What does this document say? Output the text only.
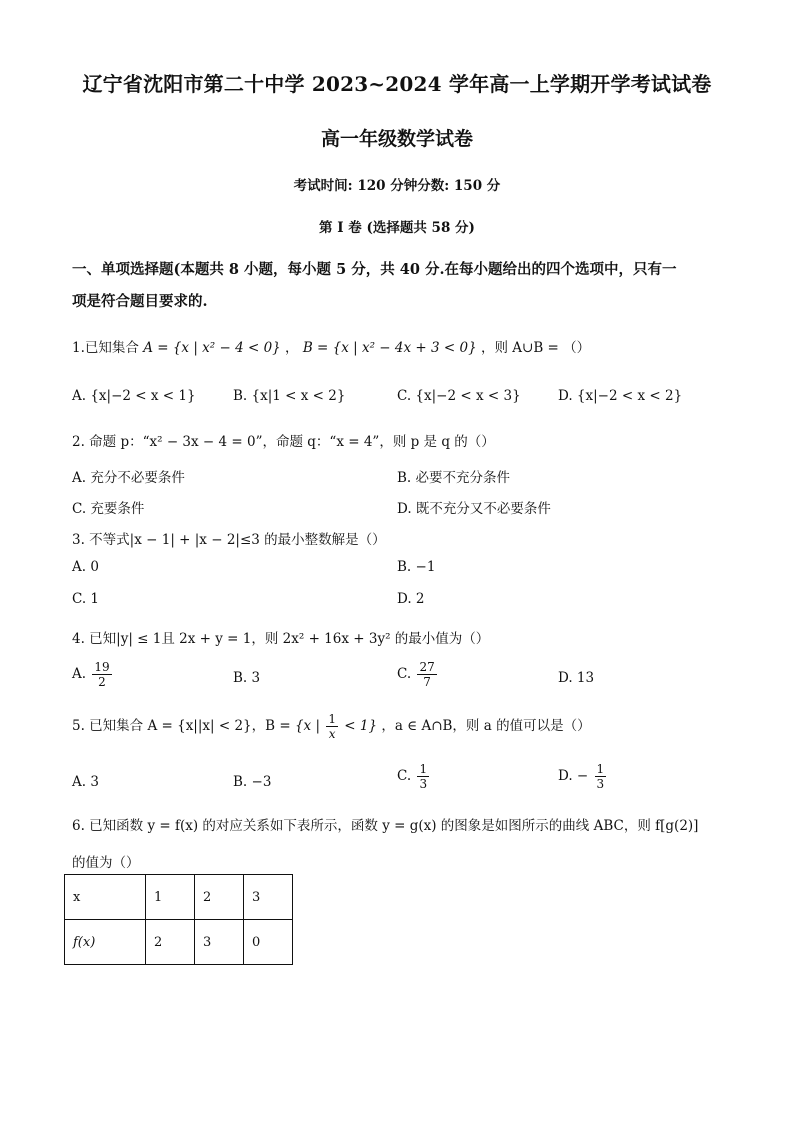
辽宁省沈阳市第二十中学 2023~2024 学年高一上学期开学考试试卷
高一年级数学试卷
考试时间: 120 分钟分数: 150 分
第 I 卷 (选择题共 58 分)
一、单项选择题(本题共 8 小题，每小题 5 分，共 40 分.在每小题给出的四个选项中，只有一
项是符合题目要求的.
1.已知集合 A = {x | x² − 4 < 0} ， B = {x | x² − 4x + 3 < 0} ，则 A∪B = （）
A. {x|−2 < x < 1}	B. {x|1 < x < 2}	C. {x|−2 < x < 3}	D. {x|−2 < x < 2}
2. 命题 p：“x² − 3x − 4 = 0”，命题 q：“x = 4”，则 p 是 q 的（）
A. 充分不必要条件	B. 必要不充分条件
C. 充要条件	D. 既不充分又不必要条件
3. 不等式|x − 1| + |x − 2|≤3 的最小整数解是（）
A. 0	B. −1
C. 1	D. 2
4. 已知|y| ≤ 1且 2x + y = 1，则 2x² + 16x + 3y² 的最小值为（）
A. $\frac{19}{2}$	B. 3	C. $\frac{27}{7}$	D. 13
5. 已知集合 A = {x||x| < 2}，B = {x | $\frac{1}{x} < 1$} ，a ∈ A∩B，则 a 的值可以是（）
A. 3	B. −3	C. $\frac{1}{3}$	D. − $\frac{1}{3}$
6. 已知函数 y = f(x) 的对应关系如下表所示，函数 y = g(x) 的图象是如图所示的曲线 ABC，则 f[g(2)]
的值为（）
x	1	2	3
f(x)	2	3	0
